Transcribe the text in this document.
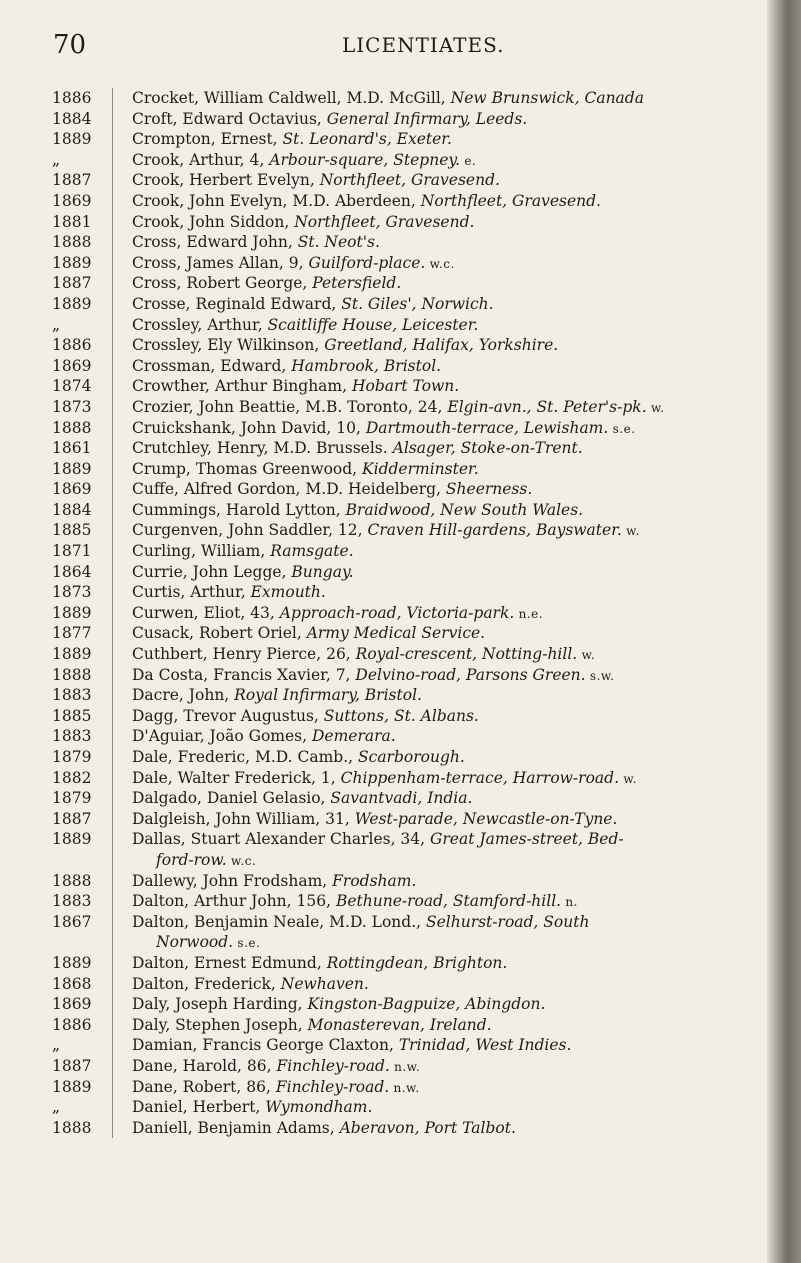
70	LICENTIATES.
1886
1884
1889
„
1887
1869
1881
1888
1889
1887
1889
„
1886
1869
1874
1873
1888
1861
1889
1869
1884
1885
1871
1864
1873
1889
1877
1889
1888
1883
1885
1883
1879
1882
1879
1887
1889
1888
1883
1867
1889
1868
1869
1886
„
1887
1889
„
1888
Crocket, William Caldwell, M.D. McGill, New Brunswick, Canada
Croft, Edward Octavius, General Infirmary, Leeds.
Crompton, Ernest, St. Leonard's, Exeter.
Crook, Arthur, 4, Arbour-square, Stepney. e.
Crook, Herbert Evelyn, Northfleet, Gravesend.
Crook, John Evelyn, M.D. Aberdeen, Northfleet, Gravesend.
Crook, John Siddon, Northfleet, Gravesend.
Cross, Edward John, St. Neot's.
Cross, James Allan, 9, Guilford-place. w.c.
Cross, Robert George, Petersfield.
Crosse, Reginald Edward, St. Giles', Norwich.
Crossley, Arthur, Scaitliffe House, Leicester.
Crossley, Ely Wilkinson, Greetland, Halifax, Yorkshire.
Crossman, Edward, Hambrook, Bristol.
Crowther, Arthur Bingham, Hobart Town.
Crozier, John Beattie, M.B. Toronto, 24, Elgin-avn., St. Peter's-pk. w.
Cruickshank, John David, 10, Dartmouth-terrace, Lewisham. s.e.
Crutchley, Henry, M.D. Brussels. Alsager, Stoke-on-Trent.
Crump, Thomas Greenwood, Kidderminster.
Cuffe, Alfred Gordon, M.D. Heidelberg, Sheerness.
Cummings, Harold Lytton, Braidwood, New South Wales.
Curgenven, John Saddler, 12, Craven Hill-gardens, Bayswater. w.
Curling, William, Ramsgate.
Currie, John Legge, Bungay.
Curtis, Arthur, Exmouth.
Curwen, Eliot, 43, Approach-road, Victoria-park. n.e.
Cusack, Robert Oriel, Army Medical Service.
Cuthbert, Henry Pierce, 26, Royal-crescent, Notting-hill. w.
Da Costa, Francis Xavier, 7, Delvino-road, Parsons Green. s.w.
Dacre, John, Royal Infirmary, Bristol.
Dagg, Trevor Augustus, Suttons, St. Albans.
D'Aguiar, João Gomes, Demerara.
Dale, Frederic, M.D. Camb., Scarborough.
Dale, Walter Frederick, 1, Chippenham-terrace, Harrow-road. w.
Dalgado, Daniel Gelasio, Savantvadi, India.
Dalgleish, John William, 31, West-parade, Newcastle-on-Tyne.
Dallas, Stuart Alexander Charles, 34, Great James-street, Bed-
ford-row. w.c.
Dallewy, John Frodsham, Frodsham.
Dalton, Arthur John, 156, Bethune-road, Stamford-hill. n.
Dalton, Benjamin Neale, M.D. Lond., Selhurst-road, South
Norwood. s.e.
Dalton, Ernest Edmund, Rottingdean, Brighton.
Dalton, Frederick, Newhaven.
Daly, Joseph Harding, Kingston-Bagpuize, Abingdon.
Daly, Stephen Joseph, Monasterevan, Ireland.
Damian, Francis George Claxton, Trinidad, West Indies.
Dane, Harold, 86, Finchley-road. n.w.
Dane, Robert, 86, Finchley-road. n.w.
Daniel, Herbert, Wymondham.
Daniell, Benjamin Adams, Aberavon, Port Talbot.
